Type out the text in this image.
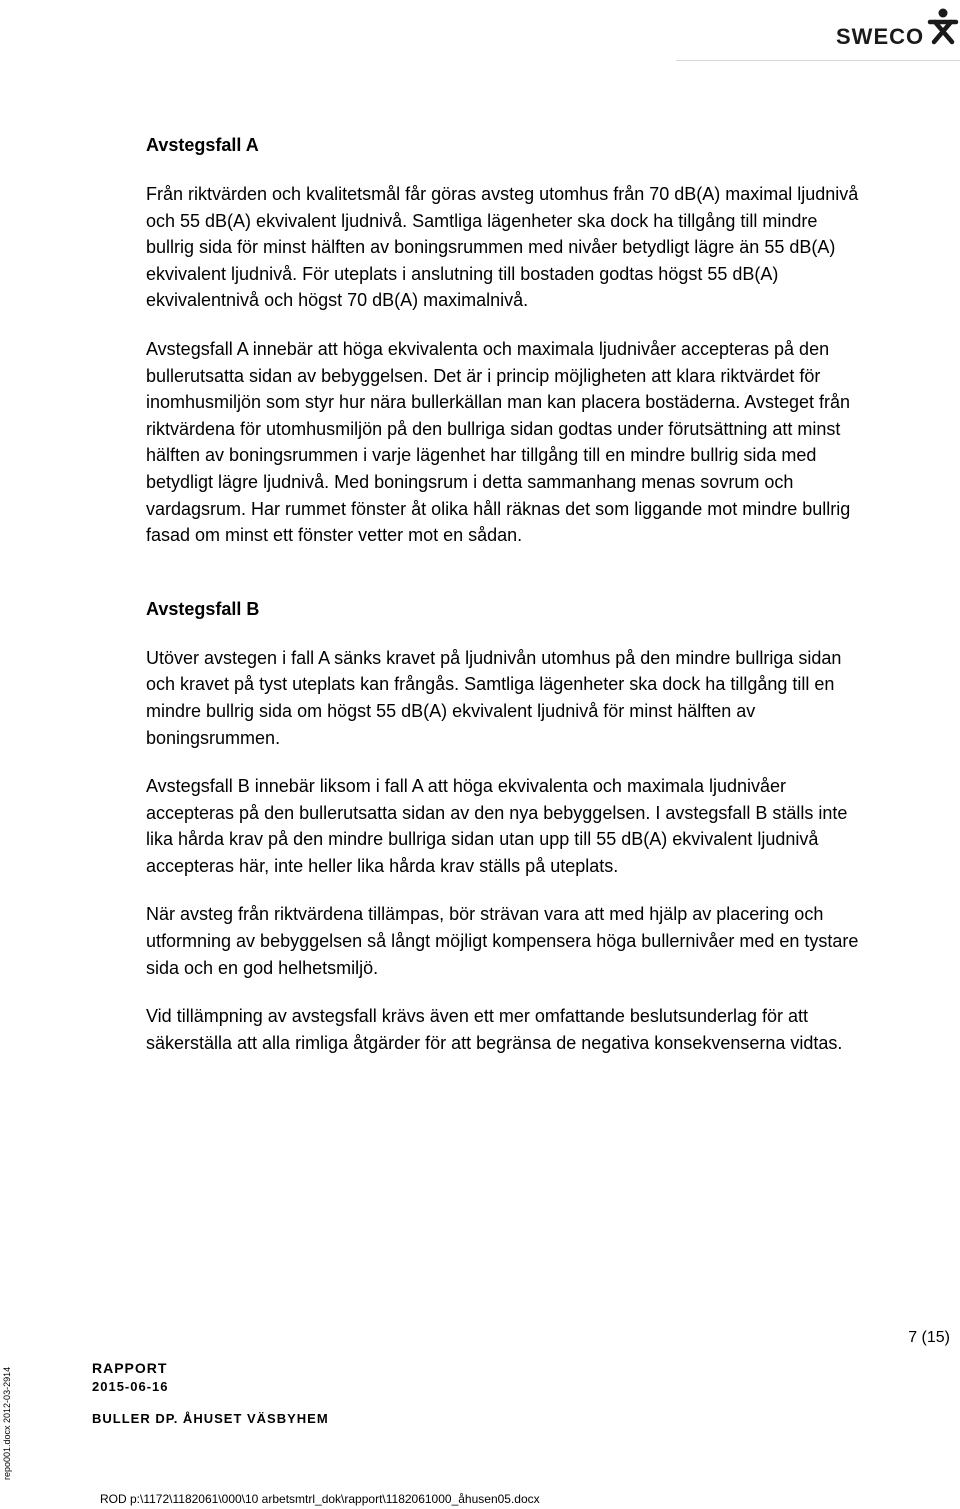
SWECO
Avstegsfall A
Från riktvärden och kvalitetsmål får göras avsteg utomhus från 70 dB(A) maximal ljudnivå
och 55 dB(A) ekvivalent ljudnivå. Samtliga lägenheter ska dock ha tillgång till mindre
bullrig sida för minst hälften av boningsrummen med nivåer betydligt lägre än 55 dB(A)
ekvivalent ljudnivå. För uteplats i anslutning till bostaden godtas högst 55 dB(A)
ekvivalentnivå och högst 70 dB(A) maximalnivå.
Avstegsfall A innebär att höga ekvivalenta och maximala ljudnivåer accepteras på den
bullerutsatta sidan av bebyggelsen. Det är i princip möjligheten att klara riktvärdet för
inomhusmiljön som styr hur nära bullerkällan man kan placera bostäderna. Avsteget från
riktvärdena för utomhusmiljön på den bullriga sidan godtas under förutsättning att minst
hälften av boningsrummen i varje lägenhet har tillgång till en mindre bullrig sida med
betydligt lägre ljudnivå. Med boningsrum i detta sammanhang menas sovrum och
vardagsrum. Har rummet fönster åt olika håll räknas det som liggande mot mindre bullrig
fasad om minst ett fönster vetter mot en sådan.
Avstegsfall B
Utöver avstegen i fall A sänks kravet på ljudnivån utomhus på den mindre bullriga sidan
och kravet på tyst uteplats kan frångås. Samtliga lägenheter ska dock ha tillgång till en
mindre bullrig sida om högst 55 dB(A) ekvivalent ljudnivå för minst hälften av
boningsrummen.
Avstegsfall B innebär liksom i fall A att höga ekvivalenta och maximala ljudnivåer
accepteras på den bullerutsatta sidan av den nya bebyggelsen. I avstegsfall B ställs inte
lika hårda krav på den mindre bullriga sidan utan upp till 55 dB(A) ekvivalent ljudnivå
accepteras här, inte heller lika hårda krav ställs på uteplats.
När avsteg från riktvärdena tillämpas, bör strävan vara att med hjälp av placering och
utformning av bebyggelsen så långt möjligt kompensera höga bullernivåer med en tystare
sida och en god helhetsmiljö.
Vid tillämpning av avstegsfall krävs även ett mer omfattande beslutsunderlag för att
säkerställa att alla rimliga åtgärder för att begränsa de negativa konsekvenserna vidtas.
7 (15)
RAPPORT
2015-06-16
BULLER DP. ÅHUSET VÄSBYHEM
ROD p:\1172\1182061\000\10 arbetsmtrl_dok\rapport\1182061000_åhusen05.docx
repo001.docx 2012-03-2914
